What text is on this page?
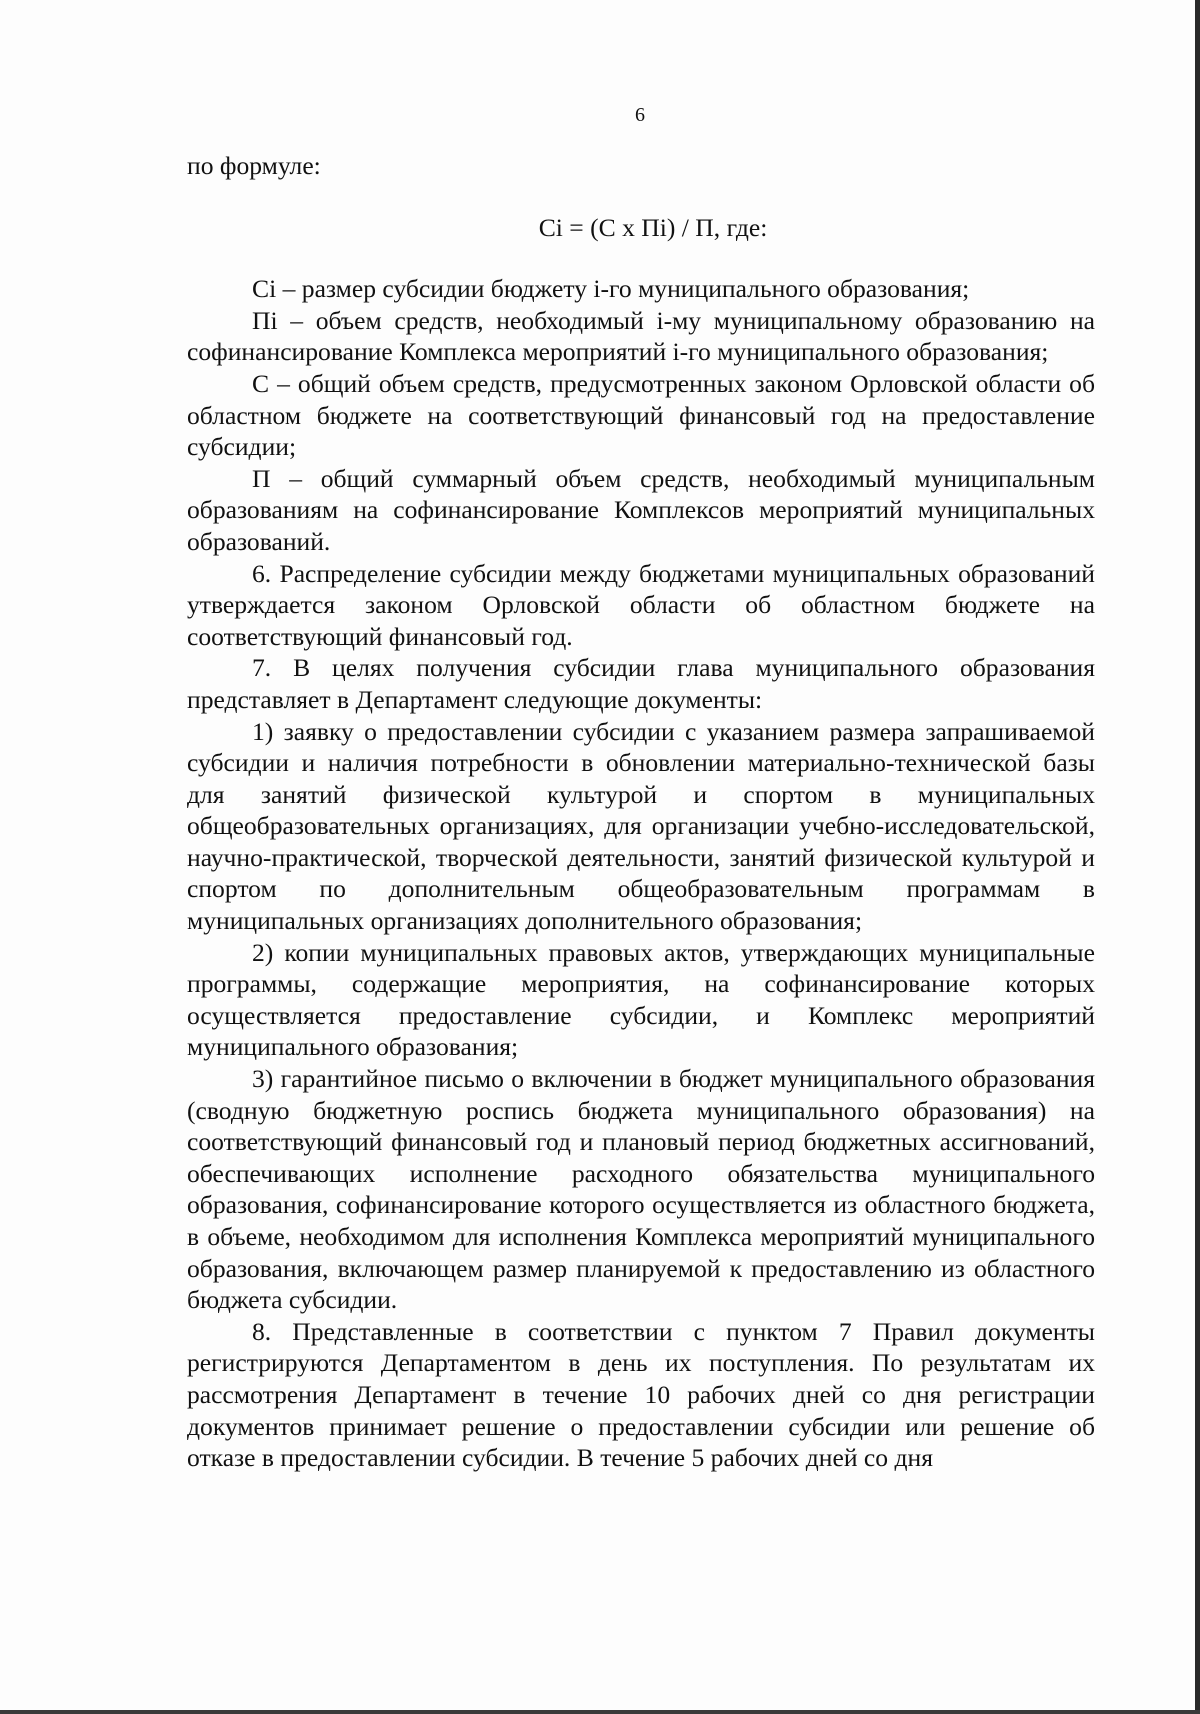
6

по формуле:

Ci = (C x Пi) / П, где:

Ci – размер субсидии бюджету i-го муниципального образования;

Пi – объем средств, необходимый i-му муниципальному образованию на софинансирование Комплекса мероприятий i-го муниципального образования;

C – общий объем средств, предусмотренных законом Орловской области об областном бюджете на соответствующий финансовый год на предоставление субсидии;

П – общий суммарный объем средств, необходимый муниципальным образованиям на софинансирование Комплексов мероприятий муниципальных образований.

6. Распределение субсидии между бюджетами муниципальных образований утверждается законом Орловской области об областном бюджете на соответствующий финансовый год.

7. В целях получения субсидии глава муниципального образования представляет в Департамент следующие документы:

1) заявку о предоставлении субсидии с указанием размера запрашиваемой субсидии и наличия потребности в обновлении материально-технической базы для занятий физической культурой и спортом в муниципальных общеобразовательных организациях, для организации учебно-исследовательской, научно-практической, творческой деятельности, занятий физической культурой и спортом по дополнительным общеобразовательным программам в муниципальных организациях дополнительного образования;

2) копии муниципальных правовых актов, утверждающих муниципальные программы, содержащие мероприятия, на софинансирование которых осуществляется предоставление субсидии, и Комплекс мероприятий муниципального образования;

3) гарантийное письмо о включении в бюджет муниципального образования (сводную бюджетную роспись бюджета муниципального образования) на соответствующий финансовый год и плановый период бюджетных ассигнований, обеспечивающих исполнение расходного обязательства муниципального образования, софинансирование которого осуществляется из областного бюджета, в объеме, необходимом для исполнения Комплекса мероприятий муниципального образования, включающем размер планируемой к предоставлению из областного бюджета субсидии.

8. Представленные в соответствии с пунктом 7 Правил документы регистрируются Департаментом в день их поступления. По результатам их рассмотрения Департамент в течение 10 рабочих дней со дня регистрации документов принимает решение о предоставлении субсидии или решение об отказе в предоставлении субсидии. В течение 5 рабочих дней со дня
